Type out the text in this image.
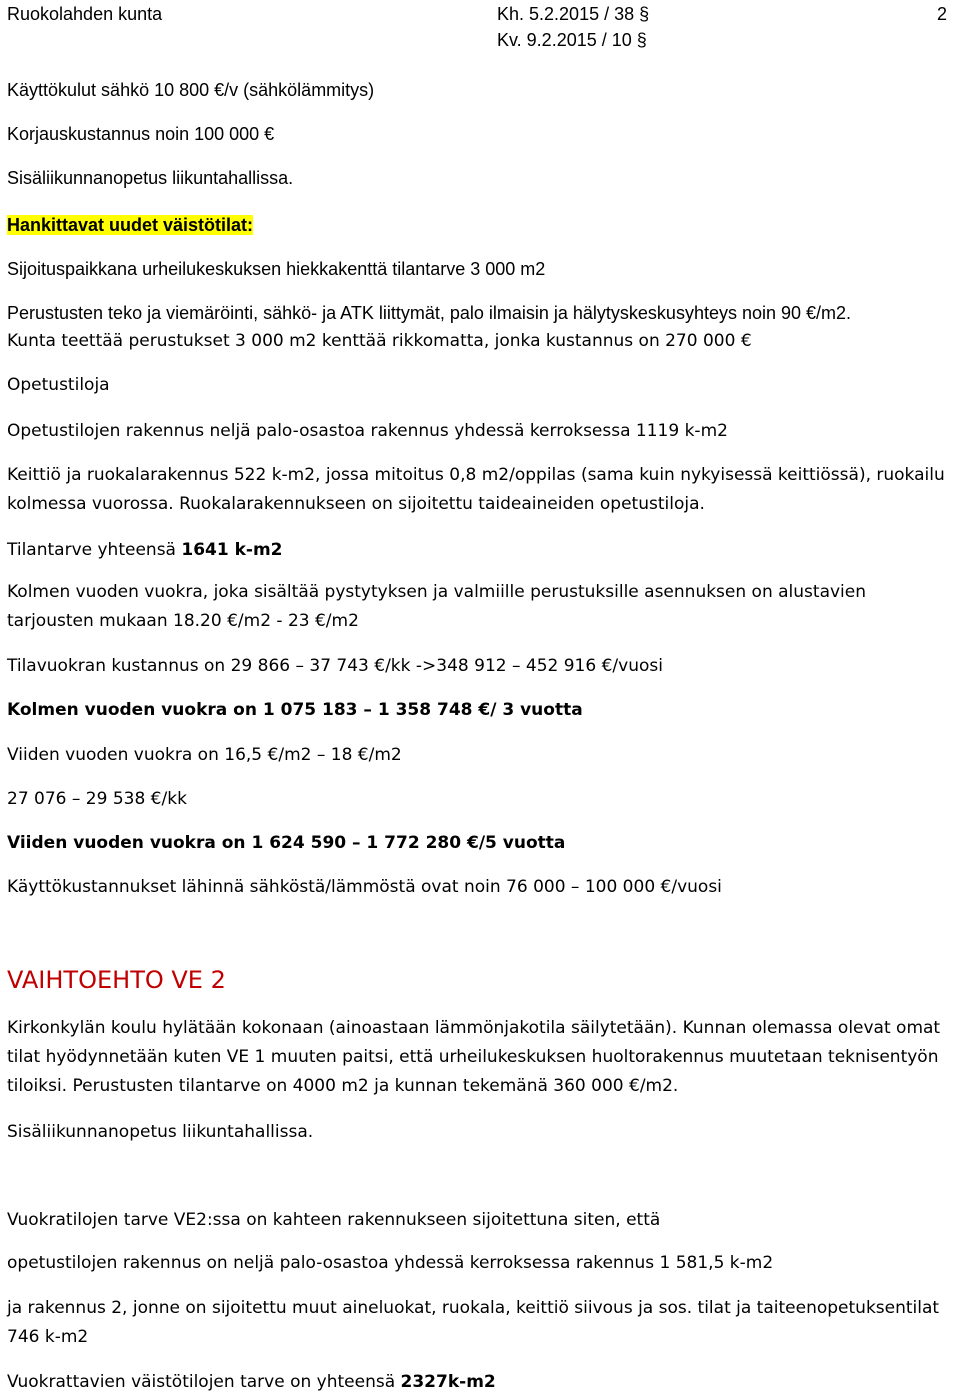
Ruokolahden kunta	Kh. 5.2.2015 / 38 §
Kv. 9.2.2015 / 10 §
2

Käyttökulut sähkö 10 800 €/v (sähkölämmitys)

Korjauskustannus noin 100 000 €

Sisäliikunnanopetus liikuntahallissa.

Hankittavat uudet väistötilat:

Sijoituspaikkana urheilukeskuksen hiekkakenttä tilantarve 3 000 m2

Perustusten teko ja viemäröinti, sähkö- ja ATK liittymät, palo ilmaisin ja hälytyskeskusyhteys noin 90 €/m2.

Kunta teettää perustukset 3 000 m2 kenttää rikkomatta, jonka kustannus on 270 000 €

Opetustiloja

Opetustilojen rakennus neljä palo-osastoa rakennus yhdessä kerroksessa 1119 k-m2

Keittiö ja ruokalarakennus 522 k-m2, jossa mitoitus 0,8 m2/oppilas (sama kuin nykyisessä keittiössä), ruokailu kolmessa vuorossa. Ruokalarakennukseen on sijoitettu taideaineiden opetustiloja.

Tilantarve yhteensä 1641 k-m2

Kolmen vuoden vuokra, joka sisältää pystytyksen ja valmiille perustuksille asennuksen on alustavien tarjousten mukaan 18.20 €/m2 - 23 €/m2

Tilavuokran kustannus on 29 866 – 37 743 €/kk ->348 912 – 452 916 €/vuosi

Kolmen vuoden vuokra on 1 075 183 – 1 358 748 €/ 3 vuotta

Viiden vuoden vuokra on 16,5 €/m2 – 18 €/m2

27 076 – 29 538 €/kk

Viiden vuoden vuokra on 1 624 590 – 1 772 280 €/5 vuotta

Käyttökustannukset lähinnä sähköstä/lämmöstä ovat noin 76 000 – 100 000 €/vuosi

VAIHTOEHTO VE 2

Kirkonkylän koulu hylätään kokonaan (ainoastaan lämmönjakotila säilytetään). Kunnan olemassa olevat omat tilat hyödynnetään kuten VE 1 muuten paitsi, että urheilukeskuksen huoltorakennus muutetaan teknisentyön tiloiksi. Perustusten tilantarve on 4000 m2 ja kunnan tekemänä 360 000 €/m2.

Sisäliikunnanopetus liikuntahallissa.

Vuokratilojen tarve VE2:ssa on kahteen rakennukseen sijoitettuna siten, että

opetustilojen rakennus on neljä palo-osastoa yhdessä kerroksessa rakennus 1 581,5 k-m2

ja rakennus 2, jonne on sijoitettu muut aineluokat, ruokala, keittiö siivous ja sos. tilat ja taiteenopetuksentilat 746 k-m2

Vuokrattavien väistötilojen tarve on yhteensä 2327k-m2
